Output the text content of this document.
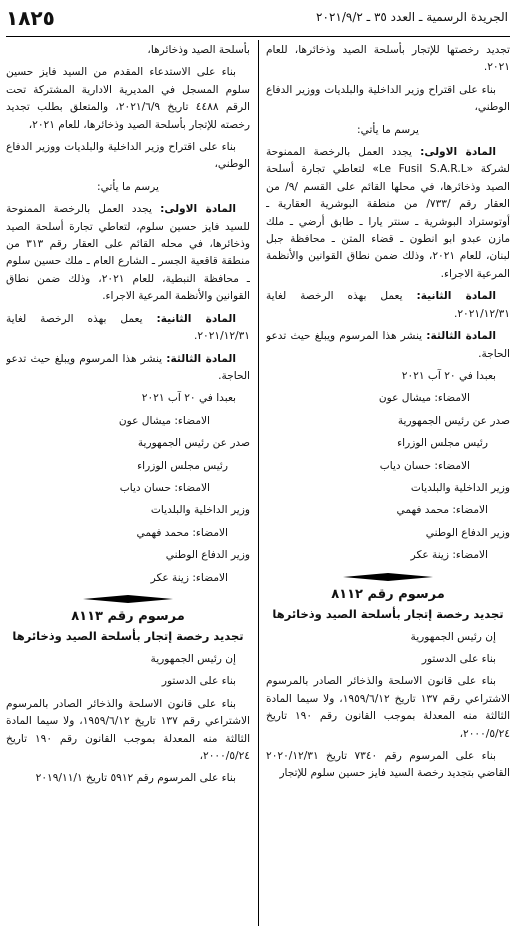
الجريدة الرسمية ـ العدد ٣٥ ـ ٢٠٢١/٩/٢
١٨٢٥

تجديد رخصتها للإتجار بأسلحة الصيد وذخائرها، للعام ٢٠٢١.

بناء على اقتراح وزير الداخلية والبلديات ووزير الدفاع الوطني،

يرسم ما يأتي:

المادة الاولى: يجدد العمل بالرخصة الممنوحة لشركة «Le Fusil S.A.R.L» لتعاطي تجارة أسلحة الصيد وذخائرها، في محلها القائم على القسم /٩/ من العقار رقم /٧٣٣/ من منطقة البوشرية العقارية ـ أوتوستراد البوشرية ـ سنتر يارا ـ طابق أرضي ـ ملك مازن عبدو ابو انطون ـ قضاء المتن ـ محافظة جبل لبنان، للعام ٢٠٢١، وذلك ضمن نطاق القوانين والأنظمة المرعية الاجراء.

المادة الثانية: يعمل بهذه الرخصة لغاية ٢٠٢١/١٢/٣١.

المادة الثالثة: ينشر هذا المرسوم ويبلغ حيث تدعو الحاجة.

بعبدا في ٢٠ آب ٢٠٢١

الامضاء: ميشال عون

صدر عن رئيس الجمهورية

رئيس مجلس الوزراء

الامضاء: حسان دياب

وزير الداخلية والبلديات

الامضاء: محمد فهمي

وزير الدفاع الوطني

الامضاء: زينة عكر

مرسوم رقم ٨١١٢
تجديد رخصة إتجار بأسلحة الصيد وذخائرها

إن رئيس الجمهورية

بناء على الدستور

بناء على قانون الاسلحة والذخائر الصادر بالمرسوم الاشتراعي رقم ١٣٧ تاريخ ١٩٥٩/٦/١٢، ولا سيما المادة الثالثة منه المعدلة بموجب القانون رقم ١٩٠ تاريخ ٢٠٠٠/٥/٢٤،

بناء على المرسوم رقم ٧٣٤٠ تاريخ ٢٠٢٠/١٢/٣١ القاضي بتجديد رخصة السيد فايز حسين سلوم للإتجار

بأسلحة الصيد وذخائرها،

بناء على الاستدعاء المقدم من السيد فايز حسين سلوم المسجل في المديرية الادارية المشتركة تحت الرقم ٤٤٨٨ تاريخ ٢٠٢١/٦/٩، والمتعلق بطلب تجديد رخصته للإتجار بأسلحة الصيد وذخائرها، للعام ٢٠٢١،

بناء على اقتراح وزير الداخلية والبلديات ووزير الدفاع الوطني،

يرسم ما يأتي:

المادة الاولى: يجدد العمل بالرخصة الممنوحة للسيد فايز حسين سلوم، لتعاطي تجارة أسلحة الصيد وذخائرها، في محله القائم على العقار رقم ٣١٣ من منطقة قاقعية الجسر ـ الشارع العام ـ ملك حسين سلوم ـ محافظة النبطية، للعام ٢٠٢١، وذلك ضمن نطاق القوانين والأنظمة المرعية الاجراء.

المادة الثانية: يعمل بهذه الرخصة لغاية ٢٠٢١/١٢/٣١.

المادة الثالثة: ينشر هذا المرسوم ويبلغ حيث تدعو الحاجة.

بعبدا في ٢٠ آب ٢٠٢١

الامضاء: ميشال عون

صدر عن رئيس الجمهورية

رئيس مجلس الوزراء

الامضاء: حسان دياب

وزير الداخلية والبلديات

الامضاء: محمد فهمي

وزير الدفاع الوطني

الامضاء: زينة عكر

مرسوم رقم ٨١١٣
تجديد رخصة إتجار بأسلحة الصيد وذخائرها

إن رئيس الجمهورية

بناء على الدستور

بناء على قانون الاسلحة والذخائر الصادر بالمرسوم الاشتراعي رقم ١٣٧ تاريخ ١٩٥٩/٦/١٢، ولا سيما المادة الثالثة منه المعدلة بموجب القانون رقم ١٩٠ تاريخ ٢٠٠٠/٥/٢٤،

بناء على المرسوم رقم ٥٩١٢ تاريخ ٢٠١٩/١١/١
